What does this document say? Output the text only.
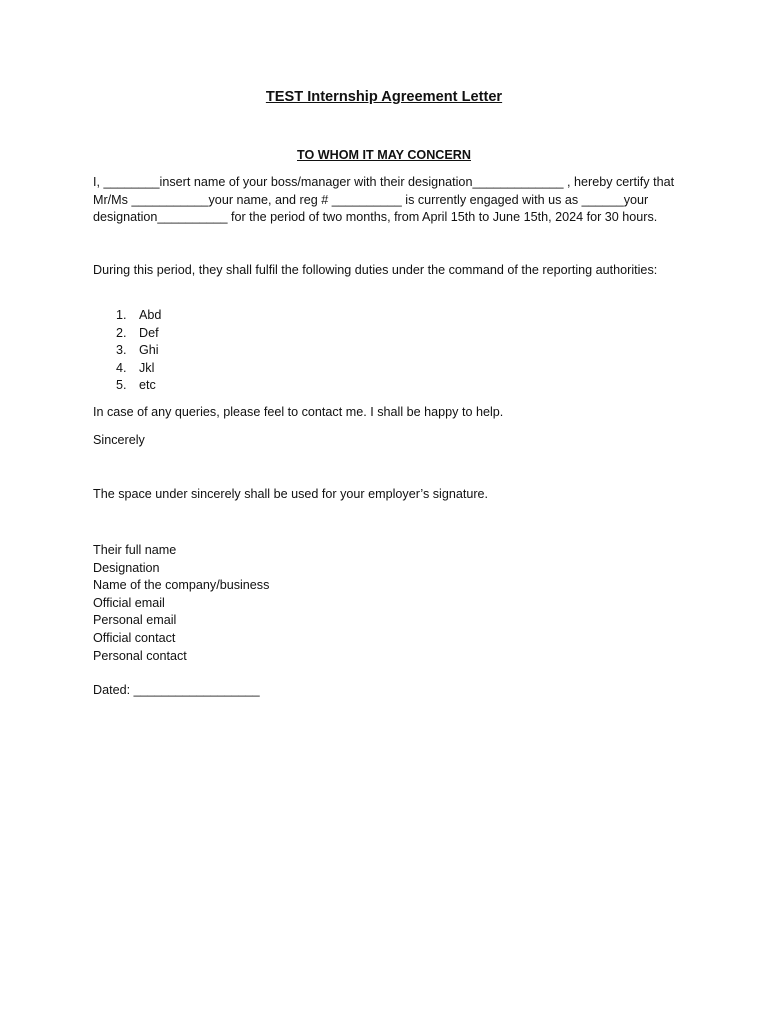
TEST Internship Agreement Letter

TO WHOM IT MAY CONCERN

I, ________insert name of your boss/manager with their designation_____________ , hereby certify that Mr/Ms ___________your name, and reg # __________ is currently engaged with us as ______your designation__________ for the period of two months, from April 15th to June 15th, 2024 for 30 hours.

During this period, they shall fulfil the following duties under the command of the reporting authorities:

1. Abd
2. Def
3. Ghi
4. Jkl
5. etc

In case of any queries, please feel to contact me. I shall be happy to help.

Sincerely

The space under sincerely shall be used for your employer’s signature.

Their full name
Designation
Name of the company/business
Official email
Personal email
Official contact
Personal contact

Dated: __________________
